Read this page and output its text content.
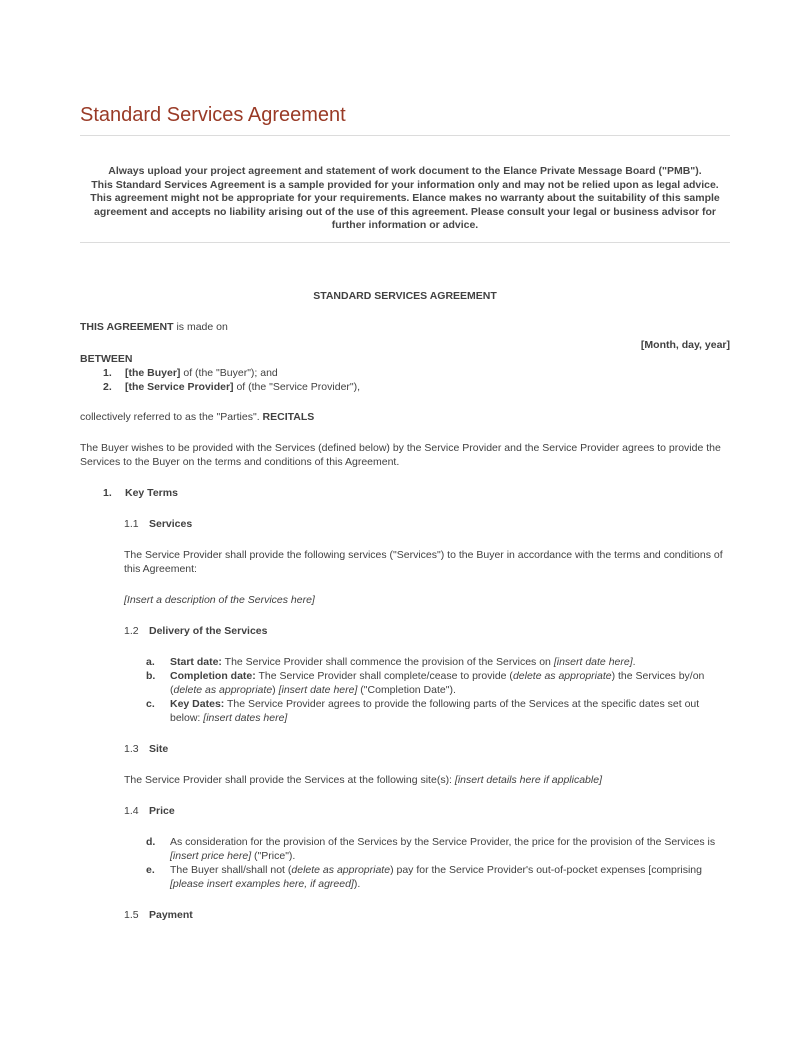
Standard Services Agreement

Always upload your project agreement and statement of work document to the Elance Private Message Board ("PMB").

This Standard Services Agreement is a sample provided for your information only and may not be relied upon as legal advice. This agreement might not be appropriate for your requirements. Elance makes no warranty about the suitability of this sample agreement and accepts no liability arising out of the use of this agreement. Please consult your legal or business advisor for further information or advice.

STANDARD SERVICES AGREEMENT

THIS AGREEMENT is made on

[Month, day, year]

BETWEEN

1.	[the Buyer] of (the "Buyer"); and
2.	[the Service Provider] of (the "Service Provider"),

collectively referred to as the "Parties". RECITALS

The Buyer wishes to be provided with the Services (defined below) by the Service Provider and the Service Provider agrees to provide the Services to the Buyer on the terms and conditions of this Agreement.

1.	Key Terms
1.1 Services

The Service Provider shall provide the following services ("Services") to the Buyer in accordance with the terms and conditions of this Agreement:

[Insert a description of the Services here]

1.2 Delivery of the Services
a.	Start date: The Service Provider shall commence the provision of the Services on [insert date here].
b.	Completion date: The Service Provider shall complete/cease to provide (delete as appropriate) the Services by/on (delete as appropriate) [insert date here] ("Completion Date").
c.	Key Dates: The Service Provider agrees to provide the following parts of the Services at the specific dates set out below: [insert dates here]
1.3 Site

The Service Provider shall provide the Services at the following site(s): [insert details here if applicable]

1.4 Price
d.	As consideration for the provision of the Services by the Service Provider, the price for the provision of the Services is [insert price here] ("Price").
e.	The Buyer shall/shall not (delete as appropriate) pay for the Service Provider's out-of-pocket expenses [comprising [please insert examples here, if agreed]).
1.5 Payment
